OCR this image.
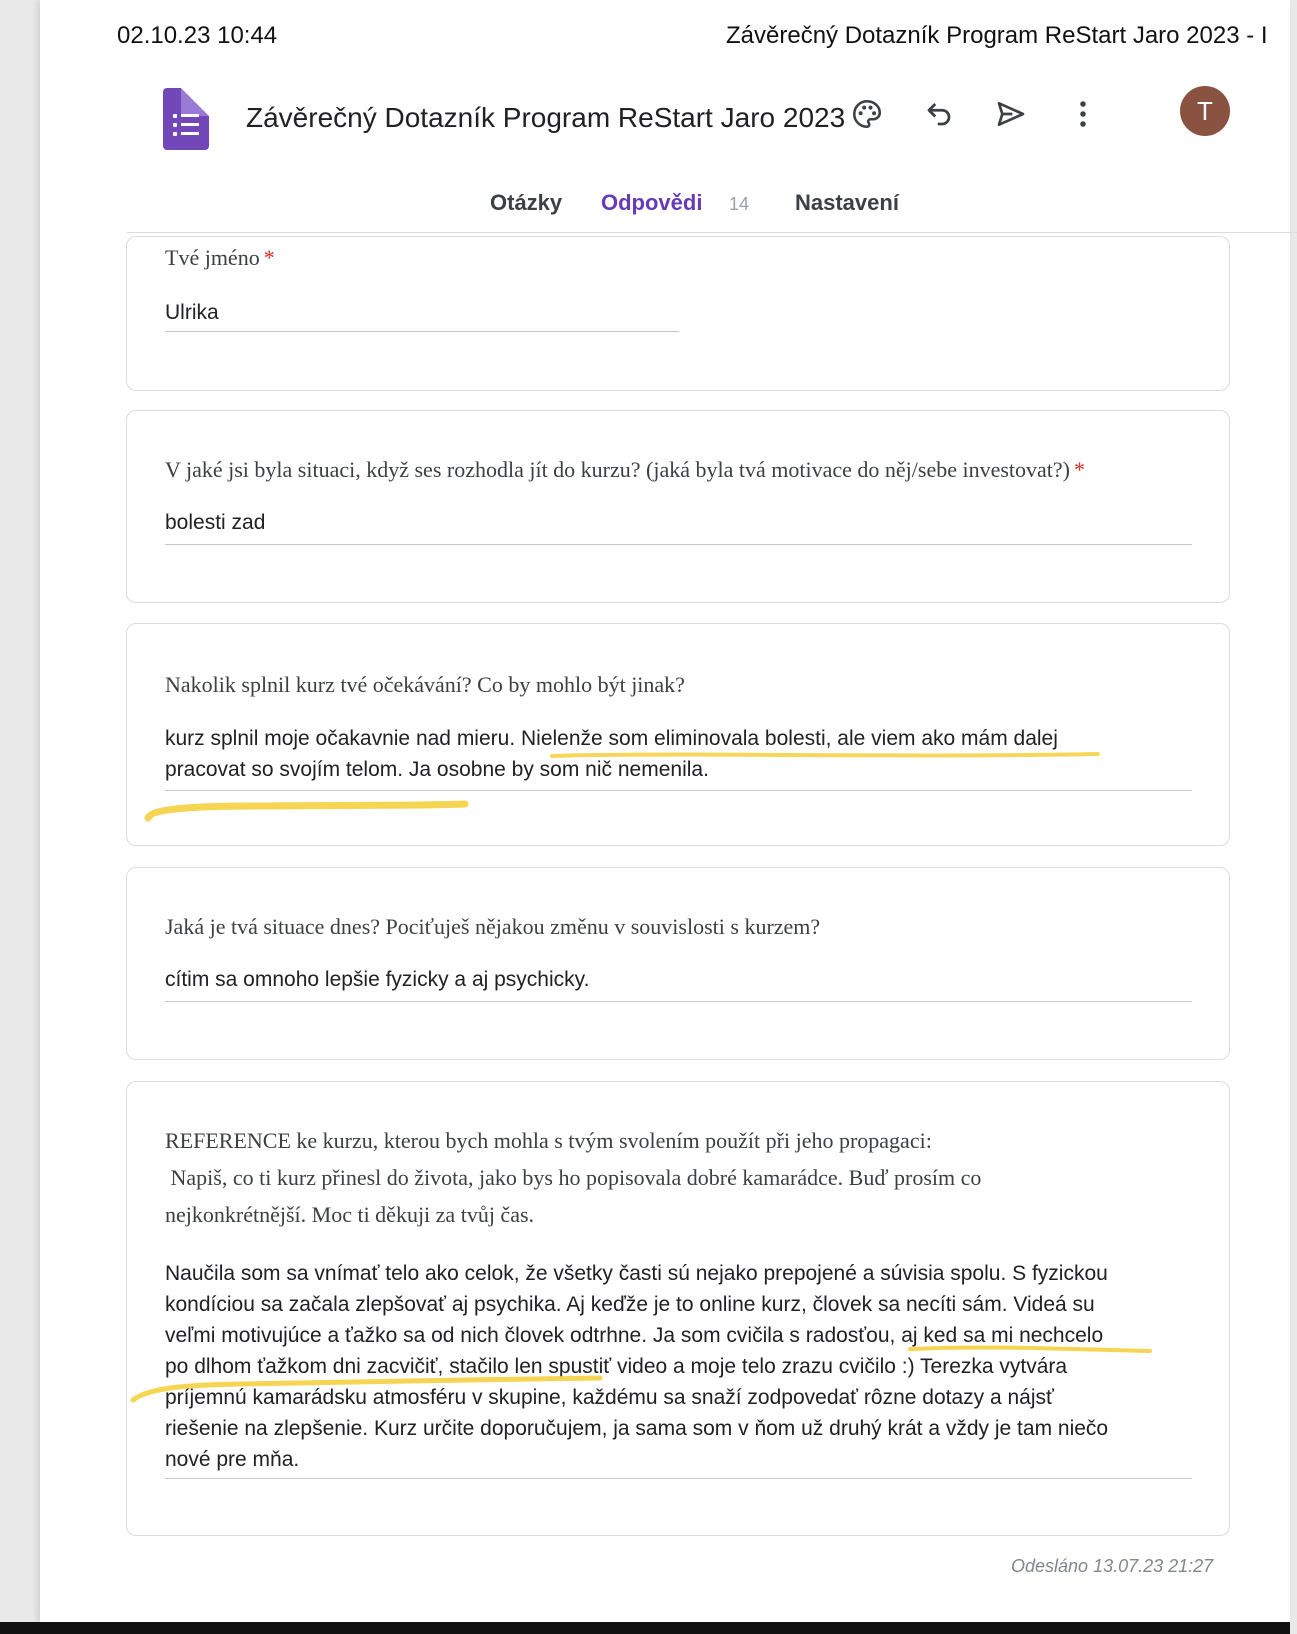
02.10.23 10:44	Závěrečný Dotazník Program ReStart Jaro 2023 - I
Závěrečný Dotazník Program ReStart Jaro 2023	T
Otázky Odpovědi 14 Nastavení
Tvé jméno *
Ulrika
V jaké jsi byla situaci, když ses rozhodla jít do kurzu? (jaká byla tvá motivace do něj/sebe investovat?) *
bolesti zad
Nakolik splnil kurz tvé očekávání? Co by mohlo být jinak?
kurz splnil moje očakavnie nad mieru. Nielenže som eliminovala bolesti, ale viem ako mám dalej
pracovat so svojím telom. Ja osobne by som nič nemenila.
Jaká je tvá situace dnes? Pociťuješ nějakou změnu v souvislosti s kurzem?
cítim sa omnoho lepšie fyzicky a aj psychicky.
REFERENCE ke kurzu, kterou bych mohla s tvým svolením použít při jeho propagaci:
Napiš, co ti kurz přinesl do života, jako bys ho popisovala dobré kamarádce. Buď prosím co
nejkonkrétnější. Moc ti děkuji za tvůj čas.
Naučila som sa vnímať telo ako celok, že všetky časti sú nejako prepojené a súvisia spolu. S fyzickou
kondíciou sa začala zlepšovať aj psychika. Aj keďže je to online kurz, človek sa necíti sám. Videá su
veľmi motivujúce a ťažko sa od nich človek odtrhne. Ja som cvičila s radosťou, aj ked sa mi nechcelo
po dlhom ťažkom dni zacvičiť, stačilo len spustiť video a moje telo zrazu cvičilo :) Terezka vytvára
príjemnú kamarádsku atmosféru v skupine, každému sa snaží zodpovedať rôzne dotazy a nájsť
riešenie na zlepšenie. Kurz určite doporučujem, ja sama som v ňom už druhý krát a vždy je tam niečo
nové pre mňa.
Odesláno 13.07.23 21:27
